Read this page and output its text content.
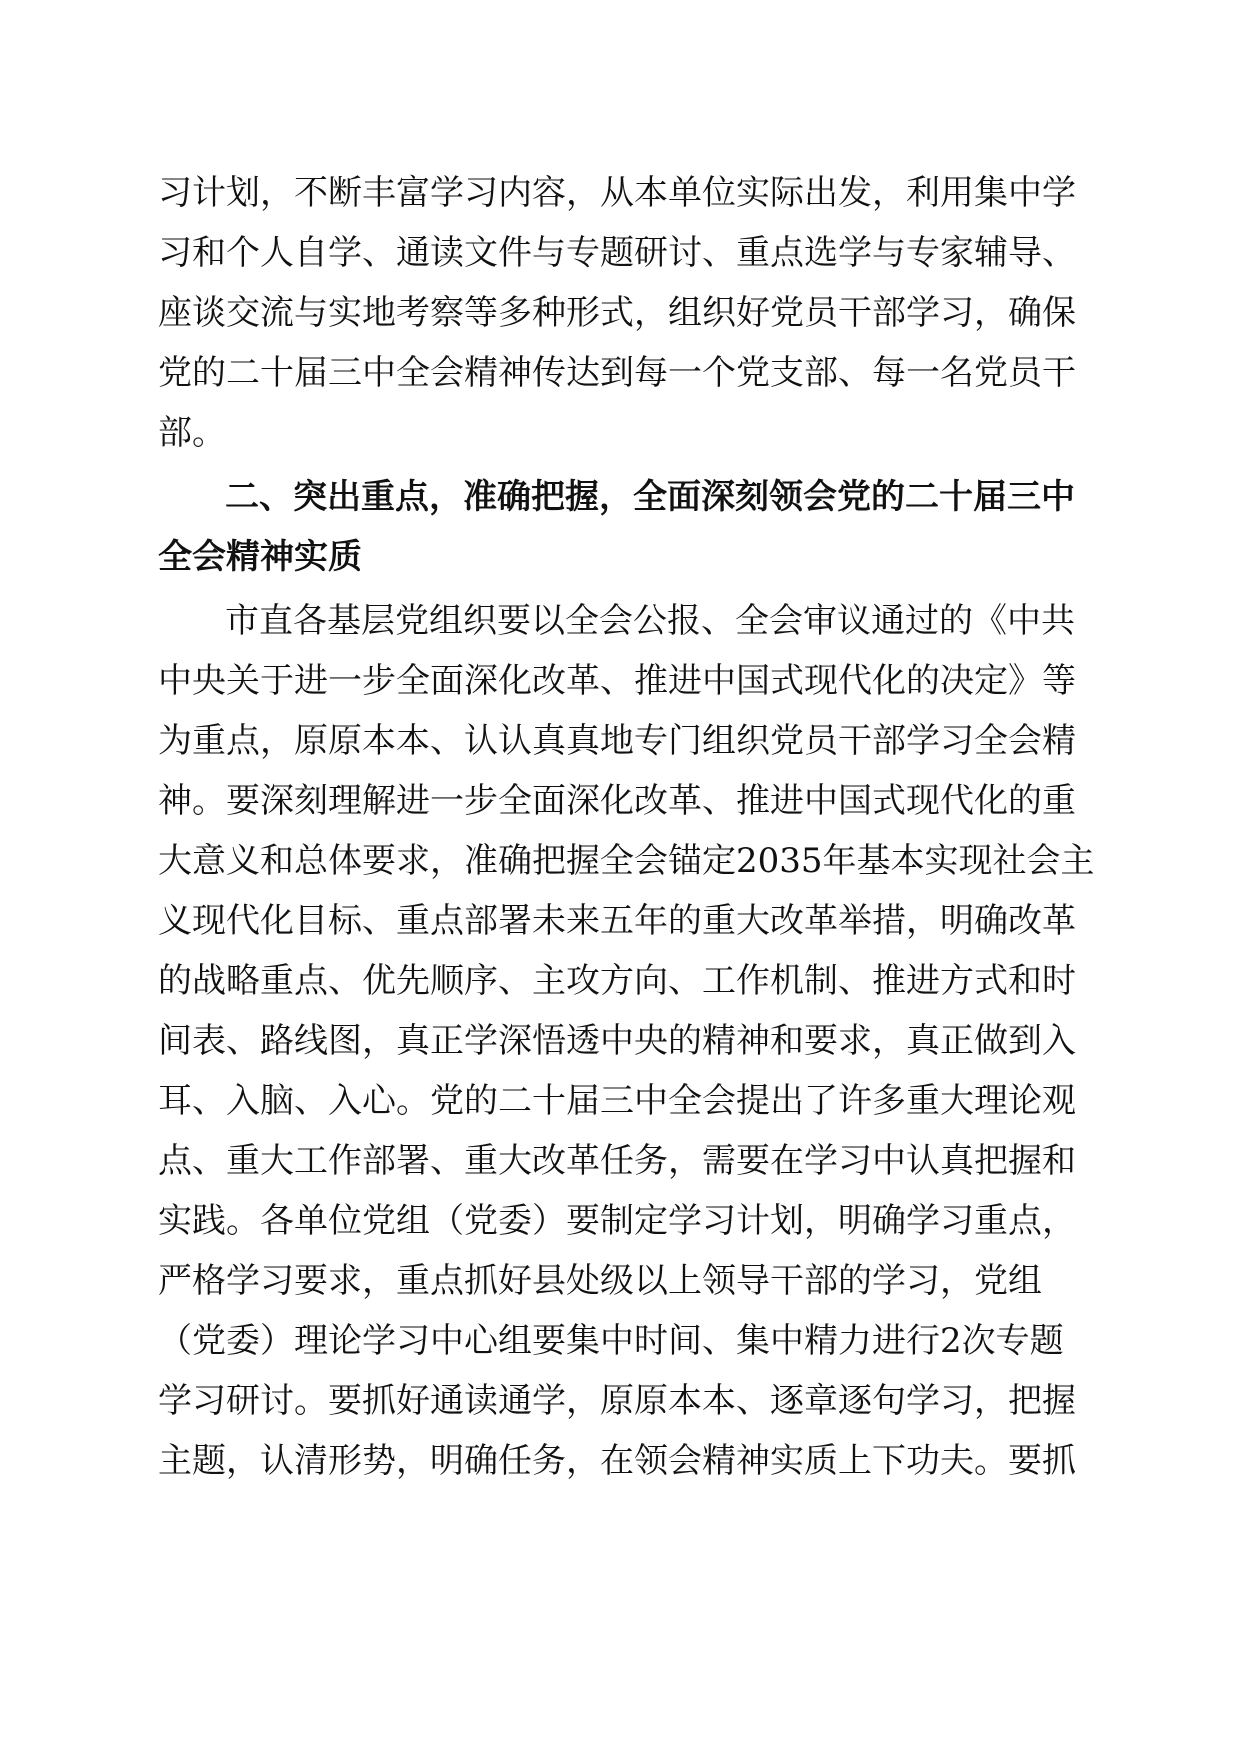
习计划，不断丰富学习内容，从本单位实际出发，利用集中学

习和个人自学、通读文件与专题研讨、重点选学与专家辅导、

座谈交流与实地考察等多种形式，组织好党员干部学习，确保

党的二十届三中全会精神传达到每一个党支部、每一名党员干

部。

二、突出重点，准确把握，全面深刻领会党的二十届三中

全会精神实质

市直各基层党组织要以全会公报、全会审议通过的《中共

中央关于进一步全面深化改革、推进中国式现代化的决定》等

为重点，原原本本、认认真真地专门组织党员干部学习全会精

神。要深刻理解进一步全面深化改革、推进中国式现代化的重

大意义和总体要求，准确把握全会锚定2035年基本实现社会主

义现代化目标、重点部署未来五年的重大改革举措，明确改革

的战略重点、优先顺序、主攻方向、工作机制、推进方式和时

间表、路线图，真正学深悟透中央的精神和要求，真正做到入

耳、入脑、入心。党的二十届三中全会提出了许多重大理论观

点、重大工作部署、重大改革任务，需要在学习中认真把握和

实践。各单位党组（党委）要制定学习计划，明确学习重点，

严格学习要求，重点抓好县处级以上领导干部的学习，党组

（党委）理论学习中心组要集中时间、集中精力进行2次专题

学习研讨。要抓好通读通学，原原本本、逐章逐句学习，把握

主题，认清形势，明确任务，在领会精神实质上下功夫。要抓
